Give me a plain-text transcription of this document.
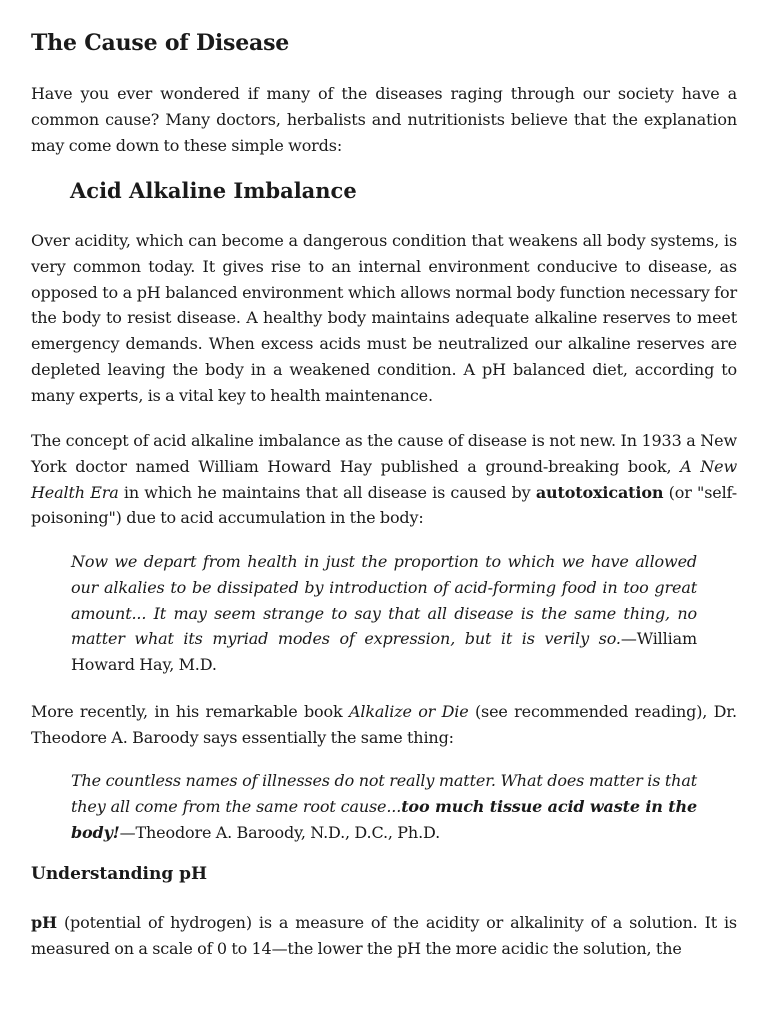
The Cause of Disease

Have you ever wondered if many of the diseases raging through our society have a common cause? Many doctors, herbalists and nutritionists believe that the explanation may come down to these simple words:

Acid Alkaline Imbalance

Over acidity, which can become a dangerous condition that weakens all body systems, is very common today. It gives rise to an internal environment conducive to disease, as opposed to a pH balanced environment which allows normal body function necessary for the body to resist disease. A healthy body maintains adequate alkaline reserves to meet emergency demands. When excess acids must be neutralized our alkaline reserves are depleted leaving the body in a weakened condition. A pH balanced diet, according to many experts, is a vital key to health maintenance.

The concept of acid alkaline imbalance as the cause of disease is not new. In 1933 a New York doctor named William Howard Hay published a ground-breaking book, A New Health Era in which he maintains that all disease is caused by autotoxication (or "self-poisoning") due to acid accumulation in the body:

Now we depart from health in just the proportion to which we have allowed our alkalies to be dissipated by introduction of acid-forming food in too great amount... It may seem strange to say that all disease is the same thing, no matter what its myriad modes of expression, but it is verily so.—William Howard Hay, M.D.

More recently, in his remarkable book Alkalize or Die (see recommended reading), Dr. Theodore A. Baroody says essentially the same thing:

The countless names of illnesses do not really matter. What does matter is that they all come from the same root cause...too much tissue acid waste in the body!—Theodore A. Baroody, N.D., D.C., Ph.D.

Understanding pH

pH (potential of hydrogen) is a measure of the acidity or alkalinity of a solution. It is measured on a scale of 0 to 14—the lower the pH the more acidic the solution, the
